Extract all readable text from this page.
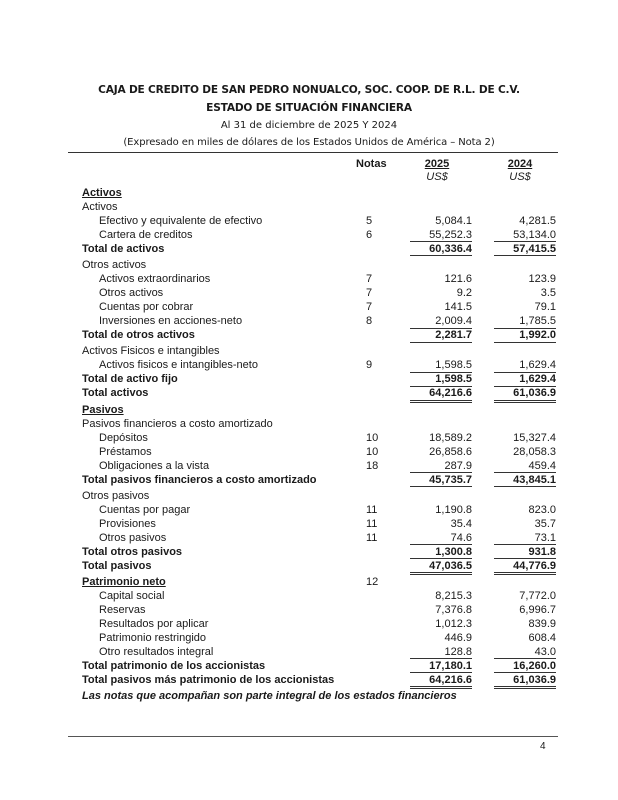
CAJA DE CREDITO DE SAN PEDRO NONUALCO, SOC. COOP. DE R.L. DE C.V.
ESTADO DE SITUACIÓN FINANCIERA
Al 31 de diciembre de 2025 Y 2024
(Expresado en miles de dólares de los Estados Unidos de América – Nota 2)
Notas	2025	2024
US$	US$
Activos
Activos
Efectivo y equivalente de efectivo	5	5,084.1	4,281.5
Cartera de creditos	6	55,252.3	53,134.0
Total de activos	60,336.4	57,415.5
Otros activos
Activos extraordinarios	7	121.6	123.9
Otros activos	7	9.2	3.5
Cuentas por cobrar	7	141.5	79.1
Inversiones en acciones-neto	8	2,009.4	1,785.5
Total de otros activos	2,281.7	1,992.0
Activos Fisicos e intangibles
Activos fisicos e intangibles-neto	9	1,598.5	1,629.4
Total de activo fijo	1,598.5	1,629.4
Total activos	64,216.6	61,036.9
Pasivos
Pasivos financieros a costo amortizado
Depósitos	10	18,589.2	15,327.4
Préstamos	10	26,858.6	28,058.3
Obligaciones a la vista	18	287.9	459.4
Total pasivos financieros a costo amortizado	45,735.7	43,845.1
Otros pasivos
Cuentas por pagar	11	1,190.8	823.0
Provisiones	11	35.4	35.7
Otros pasivos	11	74.6	73.1
Total otros pasivos	1,300.8	931.8
Total pasivos	47,036.5	44,776.9
Patrimonio neto	12
Capital social	8,215.3	7,772.0
Reservas	7,376.8	6,996.7
Resultados por aplicar	1,012.3	839.9
Patrimonio restringido	446.9	608.4
Otro resultados integral	128.8	43.0
Total patrimonio de los accionistas	17,180.1	16,260.0
Total pasivos más patrimonio de los accionistas	64,216.6	61,036.9
Las notas que acompañan son parte integral de los estados financieros
4
